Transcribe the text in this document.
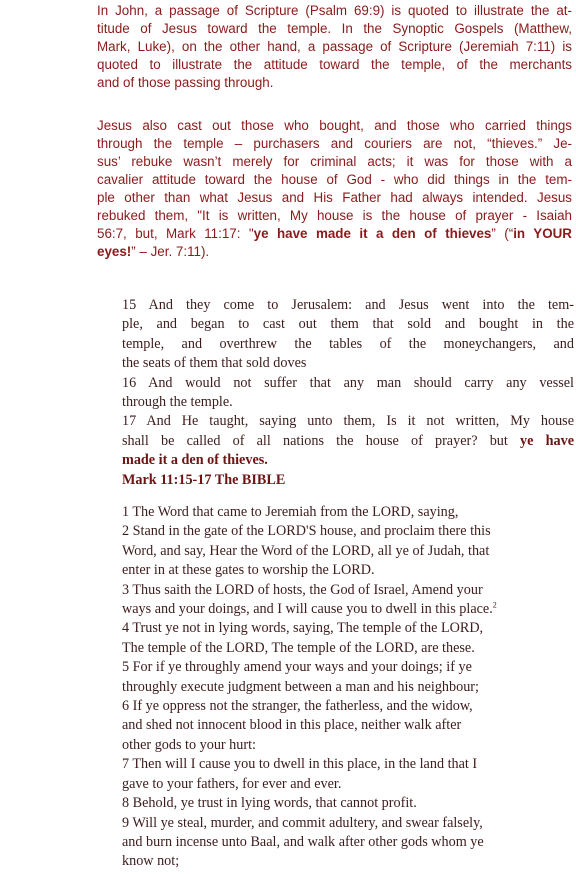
In John, a passage of Scripture (Psalm 69:9) is quoted to illustrate the at-
titude of Jesus toward the temple. In the Synoptic Gospels (Matthew,
Mark, Luke), on the other hand, a passage of Scripture (Jeremiah 7:11) is
quoted to illustrate the attitude toward the temple, of the merchants
and of those passing through.
Jesus also cast out those who bought, and those who carried things
through the temple – purchasers and couriers are not, “thieves.” Je-
sus’ rebuke wasn’t merely for criminal acts; it was for those with a
cavalier attitude toward the house of God - who did things in the tem-
ple other than what Jesus and His Father had always intended. Jesus
rebuked them, "It is written, My house is the house of prayer - Isaiah
56:7, but, Mark 11:17: "ye have made it a den of thieves” (“in YOUR
eyes!” – Jer. 7:11).
15 And they come to Jerusalem: and Jesus went into the tem-
ple, and began to cast out them that sold and bought in the
temple, and overthrew the tables of the moneychangers, and
the seats of them that sold doves
16 And would not suffer that any man should carry any vessel
through the temple.
17 And He taught, saying unto them, Is it not written, My house
shall be called of all nations the house of prayer? but ye have
made it a den of thieves.
Mark 11:15-17 The BIBLE
1 The Word that came to Jeremiah from the LORD, saying,
2 Stand in the gate of the LORD'S house, and proclaim there this
Word, and say, Hear the Word of the LORD, all ye of Judah, that
enter in at these gates to worship the LORD.
3 Thus saith the LORD of hosts, the God of Israel, Amend your
ways and your doings, and I will cause you to dwell in this place.$^2$
4 Trust ye not in lying words, saying, The temple of the LORD,
The temple of the LORD, The temple of the LORD, are these.
5 For if ye throughly amend your ways and your doings; if ye
throughly execute judgment between a man and his neighbour;
6 If ye oppress not the stranger, the fatherless, and the widow,
and shed not innocent blood in this place, neither walk after
other gods to your hurt:
7 Then will I cause you to dwell in this place, in the land that I
gave to your fathers, for ever and ever.
8 Behold, ye trust in lying words, that cannot profit.
9 Will ye steal, murder, and commit adultery, and swear falsely,
and burn incense unto Baal, and walk after other gods whom ye
know not;
